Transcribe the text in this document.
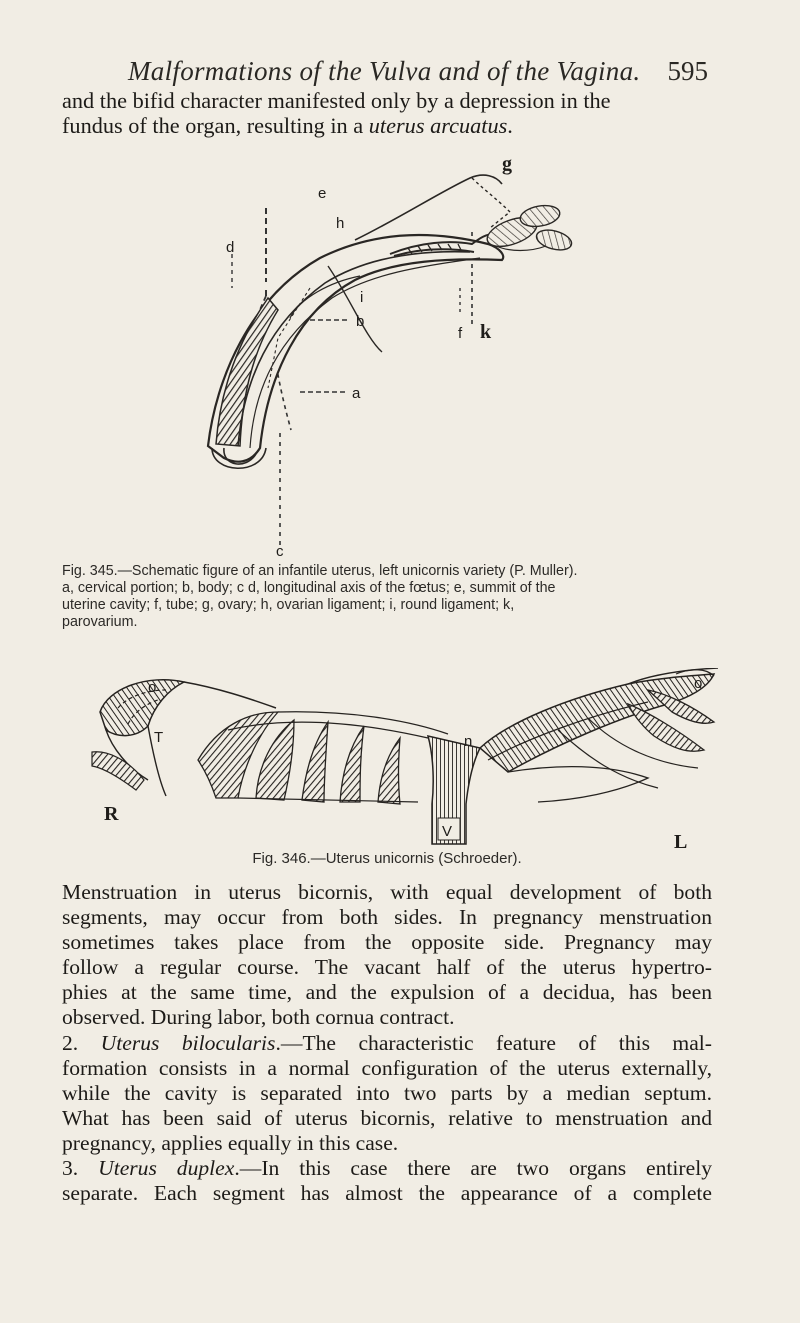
Malformations of the Vulva and of the Vagina. 595
and the bifid character manifested only by a depression in the
fundus of the organ, resulting in a uterus arcuatus.
g
e
d
h
i
b
f k
a
c
Fig. 345.—Schematic figure of an infantile uterus, left unicornis variety (P. Muller).
a, cervical portion; b, body; c d, longitudinal axis of the fœtus; e, summit of the
uterine cavity; f, tube; g, ovary; h, ovarian ligament; i, round ligament; k,
parovarium.
o
T	n
o
R
V	L
Fig. 346.—Uterus unicornis (Schroeder).
Menstruation in uterus bicornis, with equal development of both
segments, may occur from both sides. In pregnancy menstruation
sometimes takes place from the opposite side. Pregnancy may
follow a regular course. The vacant half of the uterus hypertro-
phies at the same time, and the expulsion of a decidua, has been
observed. During labor, both cornua contract.
2. Uterus bilocularis.—The characteristic feature of this mal-
formation consists in a normal configuration of the uterus externally,
while the cavity is separated into two parts by a median septum.
What has been said of uterus bicornis, relative to menstruation and
pregnancy, applies equally in this case.
3. Uterus duplex.—In this case there are two organs entirely
separate. Each segment has almost the appearance of a complete
